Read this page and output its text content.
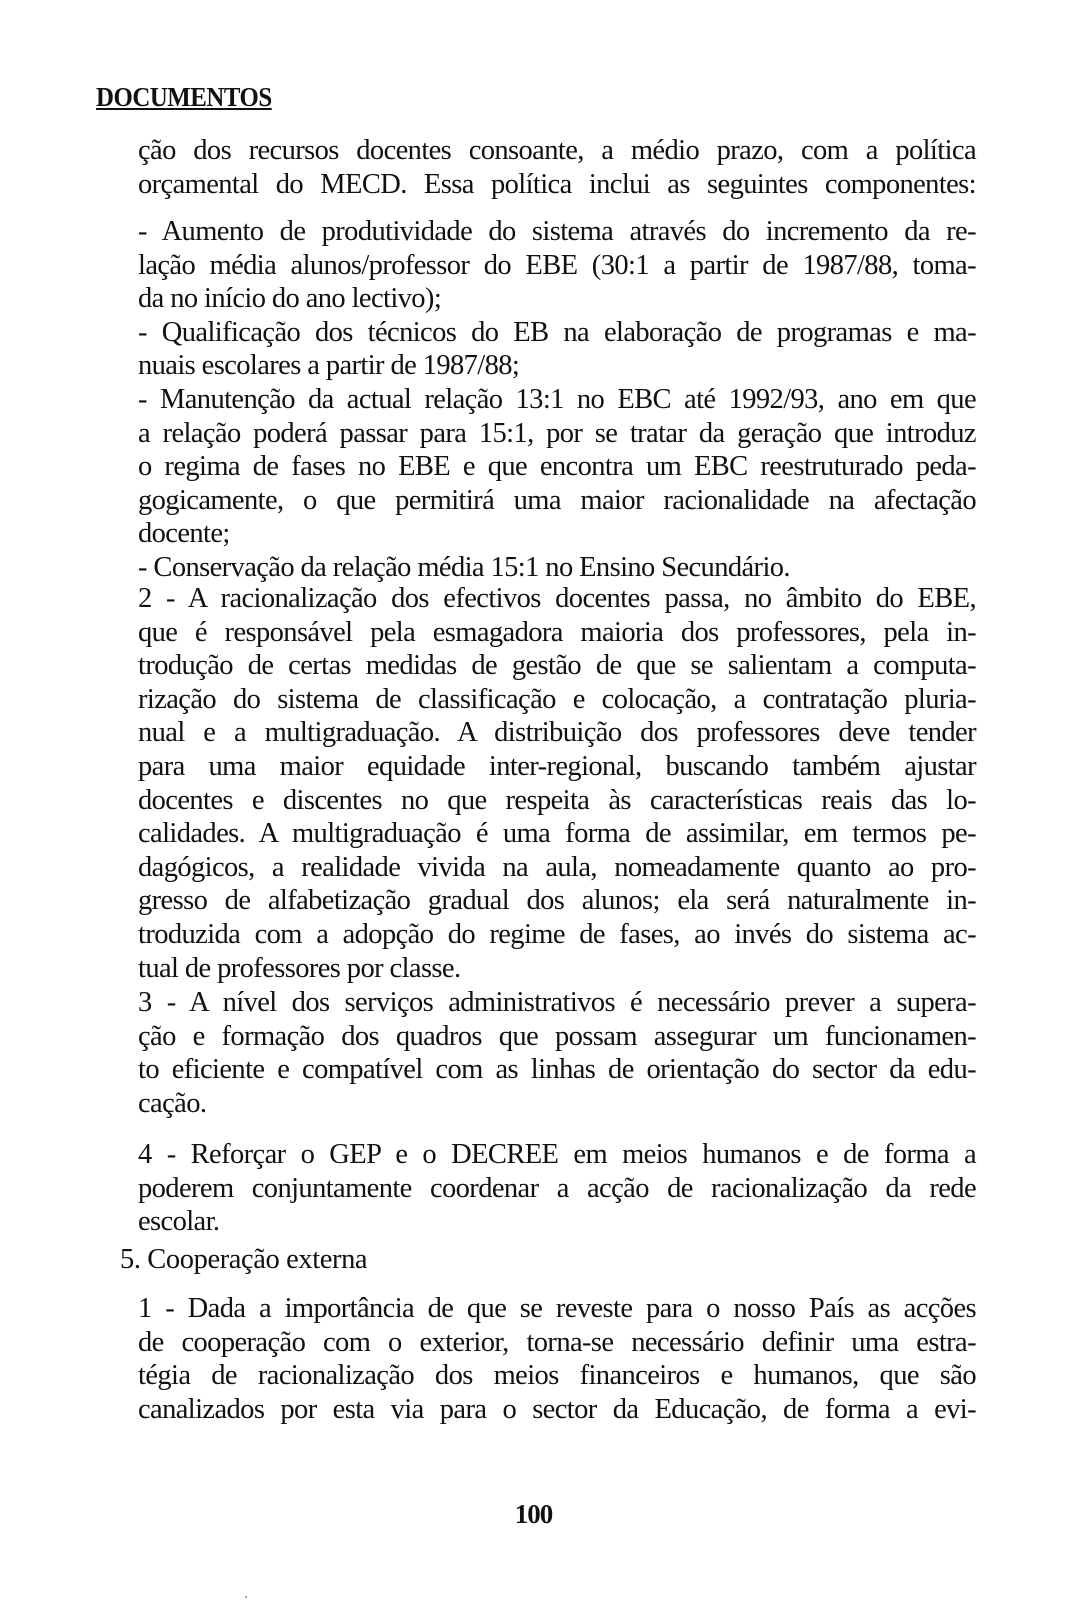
DOCUMENTOS
ção dos recursos docentes consoante, a médio prazo, com a política
orçamental do MECD. Essa política inclui as seguintes componentes:
- Aumento de produtividade do sistema através do incremento da re-
lação média alunos/professor do EBE (30:1 a partir de 1987/88, toma-
da no início do ano lectivo);
- Qualificação dos técnicos do EB na elaboração de programas e ma-
nuais escolares a partir de 1987/88;
- Manutenção da actual relação 13:1 no EBC até 1992/93, ano em que
a relação poderá passar para 15:1, por se tratar da geração que introduz
o regima de fases no EBE e que encontra um EBC reestruturado peda-
gogicamente, o que permitirá uma maior racionalidade na afectação
docente;
- Conservação da relação média 15:1 no Ensino Secundário.
2 - A racionalização dos efectivos docentes passa, no âmbito do EBE,
que é responsável pela esmagadora maioria dos professores, pela in-
trodução de certas medidas de gestão de que se salientam a computa-
rização do sistema de classificação e colocação, a contratação pluria-
nual e a multigraduação. A distribuição dos professores deve tender
para uma maior equidade inter-regional, buscando também ajustar
docentes e discentes no que respeita às características reais das lo-
calidades. A multigraduação é uma forma de assimilar, em termos pe-
dagógicos, a realidade vivida na aula, nomeadamente quanto ao pro-
gresso de alfabetização gradual dos alunos; ela será naturalmente in-
troduzida com a adopção do regime de fases, ao invés do sistema ac-
tual de professores por classe.
3 - A nível dos serviços administrativos é necessário prever a supera-
ção e formação dos quadros que possam assegurar um funcionamen-
to eficiente e compatível com as linhas de orientação do sector da edu-
cação.
4 - Reforçar o GEP e o DECREE em meios humanos e de forma a
poderem conjuntamente coordenar a acção de racionalização da rede
escolar.
5. Cooperação externa
1 - Dada a importância de que se reveste para o nosso País as acções
de cooperação com o exterior, torna-se necessário definir uma estra-
tégia de racionalização dos meios financeiros e humanos, que são
canalizados por esta via para o sector da Educação, de forma a evi-
100
